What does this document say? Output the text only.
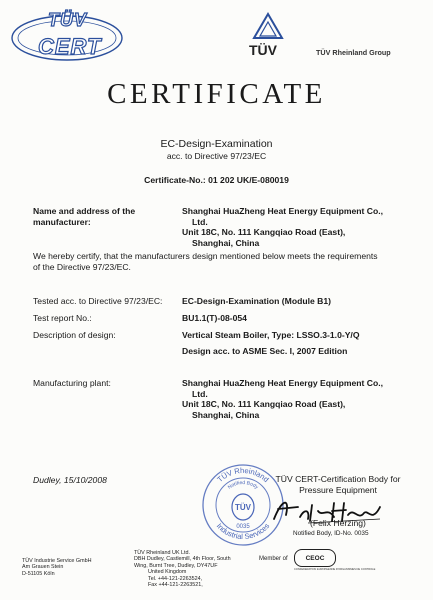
TÜV
CERT	TÜV	TÜV Rheinland Group
CERTIFICATE
EC-Design-Examination
acc. to Directive 97/23/EC
Certificate-No.: 01 202 UK/E-080019
Name and address of the
manufacturer:
Shanghai HuaZheng Heat Energy Equipment Co.,
Ltd.
Unit 18C, No. 111 Kangqiao Road (East),
Shanghai, China
We hereby certify, that the manufacturers design mentioned below meets the requirements
of the Directive 97/23/EC.
Tested acc. to Directive 97/23/EC: EC-Design-Examination (Module B1)
Test report No.:	BU1.1(T)-08-054
Description of design:	Vertical Steam Boiler, Type: LSSO.3-1.0-Y/Q
Design acc. to ASME Sec. I, 2007 Edition
Manufacturing plant:	Shanghai HuaZheng Heat Energy Equipment Co.,
Ltd.
Unit 18C, No. 111 Kangqiao Road (East),
Shanghai, China
Dudley, 15/10/2008	TÜV Rheinland
Industrial Services
Notified Body
TÜV
0035
TÜV CERT-Certification Body for
Pressure Equipment
(Felix Herzing)
Notified Body, ID-No. 0035
TÜV Industrie Service GmbH
Am Grauen Stein
D-51105 Köln
TÜV Rheinland UK Ltd.
DBH Dudley, Castlemill, 4th Floor, South
Wing, Burnt Tree, Dudley, DY47UF
United Kingdom
Tel. +44-121-2263524,
Fax +44-121-2263521,
Member of	CEOC
CONFEDERATION EUROPEENNE D'ORGANISMES DE CONTROLE
